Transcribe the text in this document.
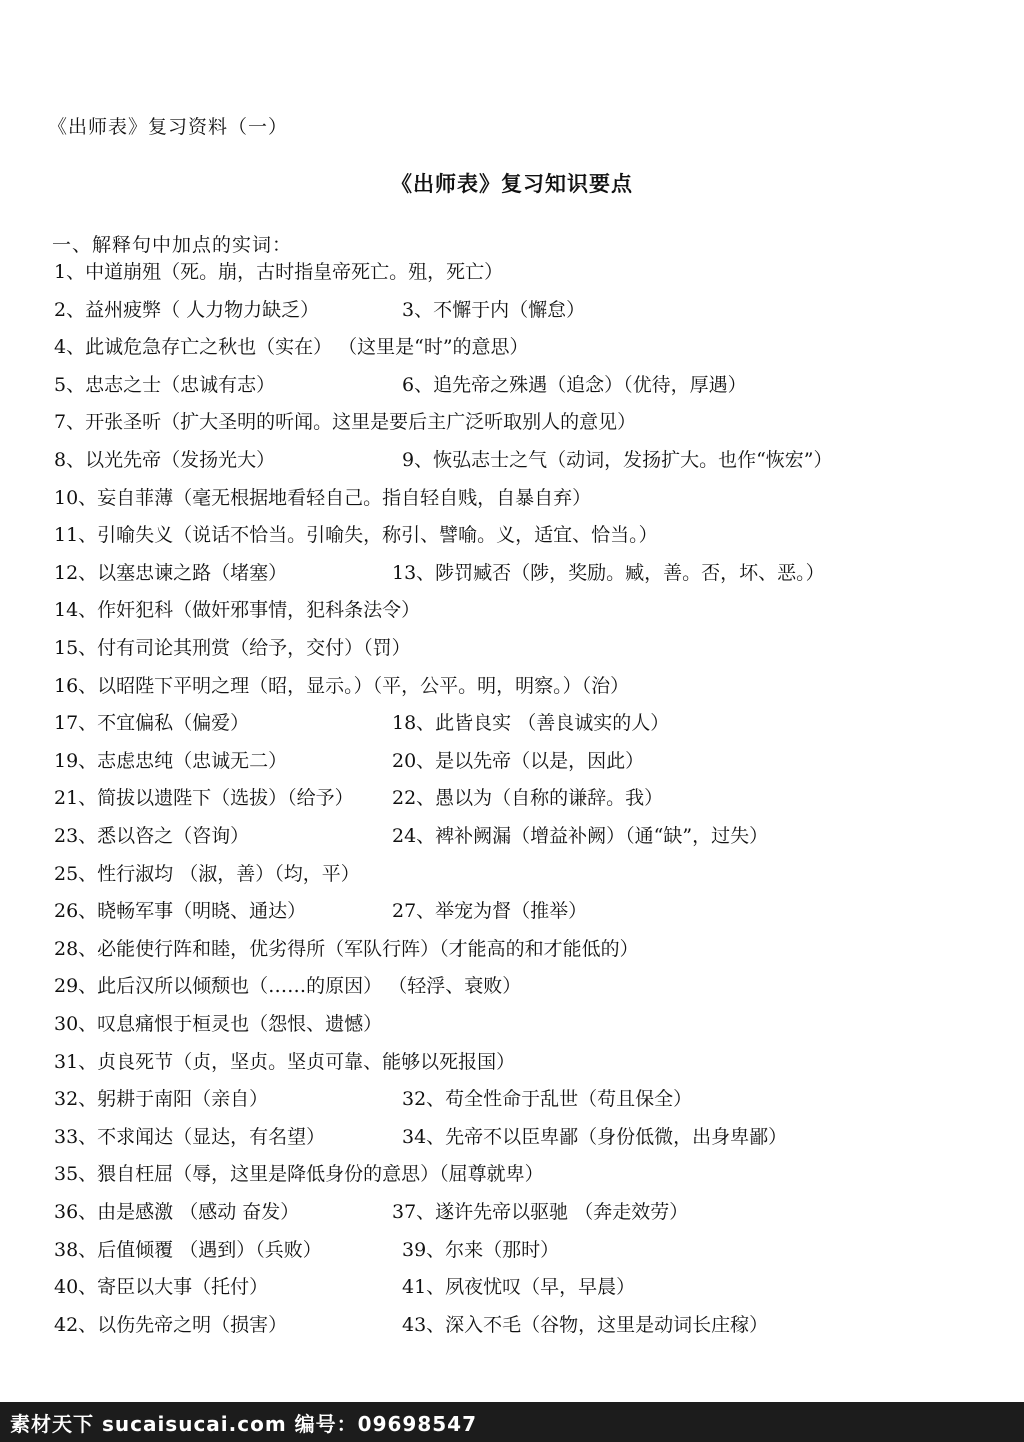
《出师表》复习资料（一）
《出师表》复习知识要点
一、解释句中加点的实词：
1、中道崩殂（死。崩，古时指皇帝死亡。殂，死亡）
2、益州疲弊（ 人力物力缺乏）	3、不懈于内（懈怠）
4、此诚危急存亡之秋也（实在） （这里是“时”的意思）
5、忠志之士（忠诚有志）	6、追先帝之殊遇（追念）（优待，厚遇）
7、开张圣听（扩大圣明的听闻。这里是要后主广泛听取别人的意见）
8、以光先帝（发扬光大）	9、恢弘志士之气（动词，发扬扩大。也作“恢宏”）
10、妄自菲薄（毫无根据地看轻自己。指自轻自贱，自暴自弃）
11、引喻失义（说话不恰当。引喻失，称引、譬喻。义，适宜、恰当。）
12、以塞忠谏之路（堵塞）	13、陟罚臧否（陟，奖励。臧，善。否，坏、恶。）
14、作奸犯科（做奸邪事情，犯科条法令）
15、付有司论其刑赏（给予，交付）（罚）
16、以昭陛下平明之理（昭，显示。）（平，公平。明，明察。）（治）
17、不宜偏私（偏爱）	18、此皆良实 （善良诚实的人）
19、志虑忠纯（忠诚无二）	20、是以先帝（以是，因此）
21、简拔以遗陛下（选拔）（给予） 22、愚以为（自称的谦辞。我）
23、悉以咨之（咨询）	24、裨补阙漏（增益补阙）（通“缺”，过失）
25、性行淑均 （淑，善）（均，平）
26、晓畅军事（明晓、通达）	27、举宠为督（推举）
28、必能使行阵和睦，优劣得所（军队行阵）（才能高的和才能低的）
29、此后汉所以倾颓也（……的原因） （轻浮、衰败）
30、叹息痛恨于桓灵也（怨恨、遗憾）
31、贞良死节（贞，坚贞。坚贞可靠、能够以死报国）
32、躬耕于南阳（亲自）	32、苟全性命于乱世（苟且保全）
33、不求闻达（显达，有名望）	34、先帝不以臣卑鄙（身份低微，出身卑鄙）
35、猥自枉屈（辱，这里是降低身份的意思）（屈尊就卑）
36、由是感激 （感动 奋发）	37、遂许先帝以驱驰 （奔走效劳）
38、后值倾覆 （遇到）（兵败）	39、尔来（那时）
40、寄臣以大事（托付）	41、夙夜忧叹（早，早晨）
42、以伤先帝之明（损害）	43、深入不毛（谷物，这里是动词长庄稼）
素材天下 sucaisucai.com 编号：09698547
